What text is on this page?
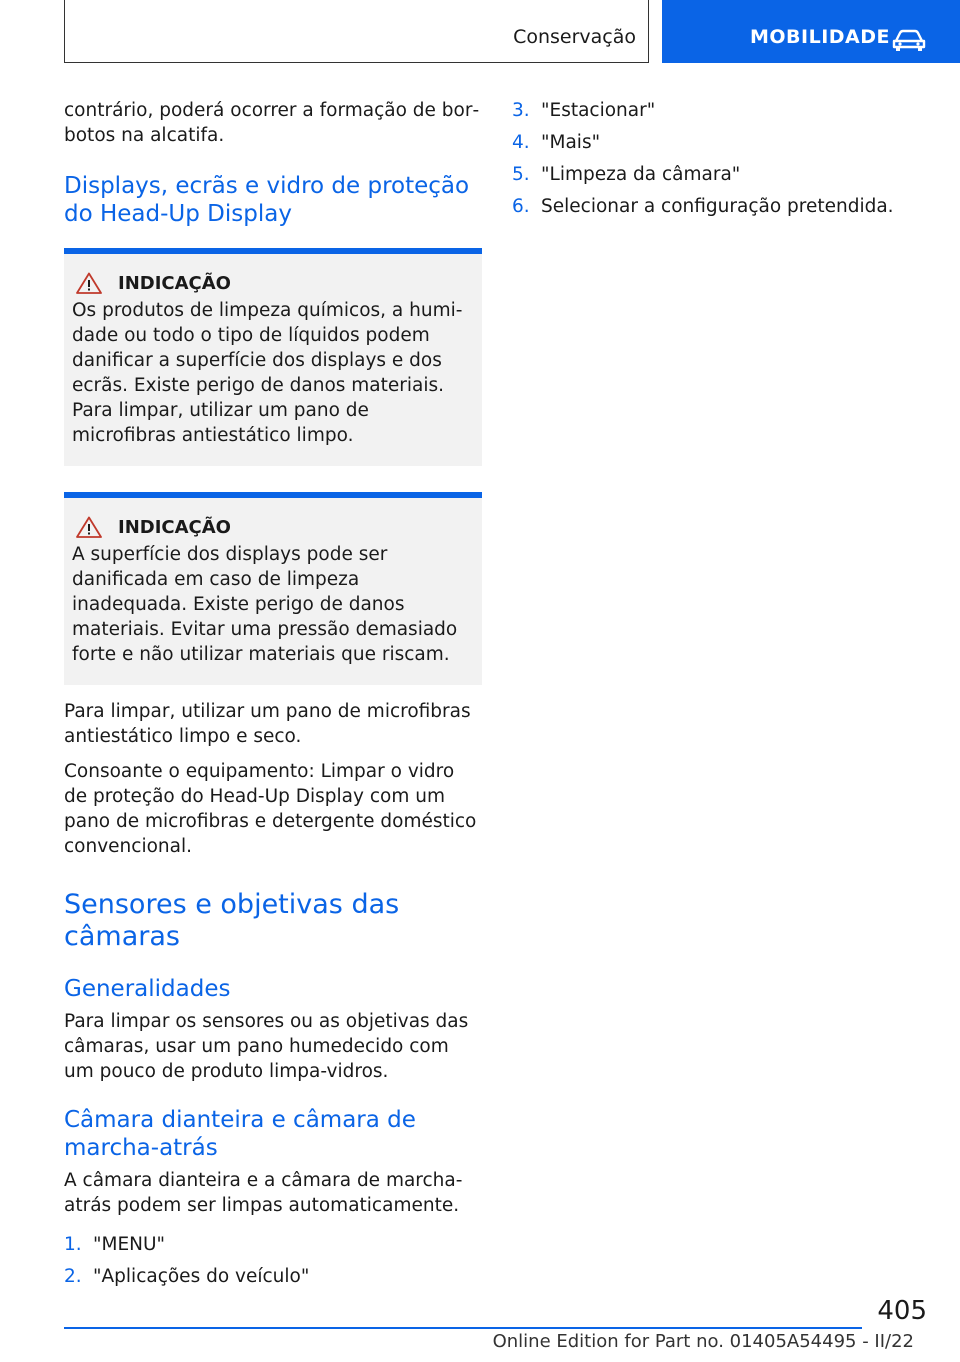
Conservação	MOBILIDADE

contrário, poderá ocorrer a formação de borbotos na alcatifa.

Displays, ecrãs e vidro de proteção do Head-Up Display
INDICAÇÃO

Os produtos de limpeza químicos, a humidade ou todo o tipo de líquidos podem danificar a superfície dos displays e dos ecrãs. Existe perigo de danos materiais. Para limpar, utilizar um pano de microfibras antiestático limpo.

INDICAÇÃO

A superfície dos displays pode ser danificada em caso de limpeza inadequada. Existe perigo de danos materiais. Evitar uma pressão demasiado forte e não utilizar materiais que riscam.

Para limpar, utilizar um pano de microfibras antiestático limpo e seco.

Consoante o equipamento: Limpar o vidro de proteção do Head-Up Display com um pano de microfibras e detergente doméstico convencional.

Sensores e objetivas das câmaras
Generalidades

Para limpar os sensores ou as objetivas das câmaras, usar um pano humedecido com um pouco de produto limpa-vidros.

Câmara dianteira e câmara de marcha-atrás

A câmara dianteira e a câmara de marcha-atrás podem ser limpas automaticamente.

1. "MENU"
2. "Aplicações do veículo"
3. "Estacionar"
4. "Mais"
5. "Limpeza da câmara"
6. Selecionar a configuração pretendida.
405
Online Edition for Part no. 01405A54495 - II/22
